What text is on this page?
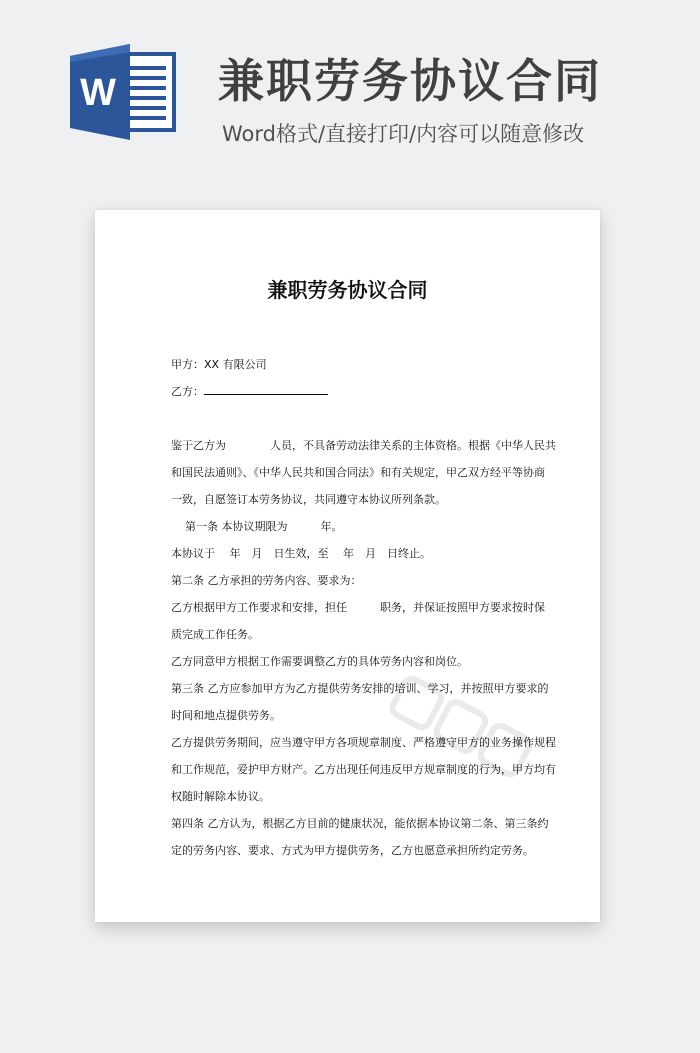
W 兼职劳务协议合同
Word格式/直接打印/内容可以随意修改
兼职劳务协议合同

甲方：XX 有限公司

乙方：

鉴于乙方为　　　　人员，不具备劳动法律关系的主体资格。根据《中华人民共

和国民法通则》、《中华人民共和国合同法》和有关规定，甲乙双方经平等协商

一致，自愿签订本劳务协议，共同遵守本协议所列条款。

第一条 本协议期限为　　　年。

本协议于　 年　月　日生效，至　 年　月　日终止。

第二条 乙方承担的劳务内容、要求为：

乙方根据甲方工作要求和安排，担任　　　职务，并保证按照甲方要求按时保

质完成工作任务。

乙方同意甲方根据工作需要调整乙方的具体劳务内容和岗位。

第三条 乙方应参加甲方为乙方提供劳务安排的培训、学习，并按照甲方要求的

时间和地点提供劳务。

乙方提供劳务期间，应当遵守甲方各项规章制度、严格遵守甲方的业务操作规程

和工作规范，爱护甲方财产。乙方出现任何违反甲方规章制度的行为，甲方均有

权随时解除本协议。

第四条 乙方认为，根据乙方目前的健康状况，能依据本协议第二条、第三条约

定的劳务内容、要求、方式为甲方提供劳务，乙方也愿意承担所约定劳务。
